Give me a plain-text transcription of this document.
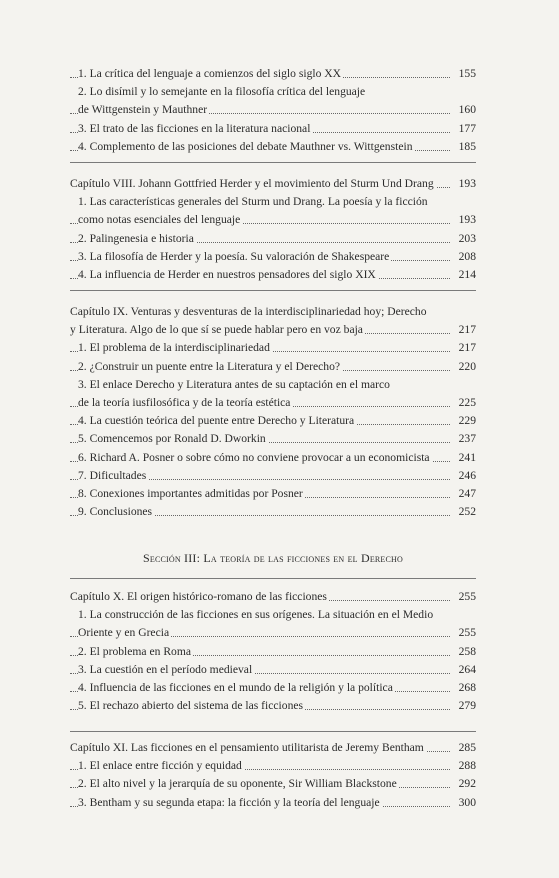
1. La crítica del lenguaje a comienzos del siglo siglo XX	155
2. Lo disímil y lo semejante en la filosofía crítica del lenguaje
de Wittgenstein y Mauthner	160
3. El trato de las ficciones en la literatura nacional	177
4. Complemento de las posiciones del debate Mauthner vs. Wittgenstein	185
Capítulo VIII. Johann Gottfried Herder y el movimiento del Sturm Und Drang 193
1. Las características generales del Sturm und Drang. La poesía y la ficción
como notas esenciales del lenguaje	193
2. Palingenesia e historia	203
3. La filosofía de Herder y la poesía. Su valoración de Shakespeare	208
4. La influencia de Herder en nuestros pensadores del siglo XIX	214
Capítulo IX. Venturas y desventuras de la interdisciplinariedad hoy; Derecho
y Literatura. Algo de lo que sí se puede hablar pero en voz baja	217
1. El problema de la interdisciplinariedad	217
2. ¿Construir un puente entre la Literatura y el Derecho?	220
3. El enlace Derecho y Literatura antes de su captación en el marco
de la teoría iusfilosófica y de la teoría estética	225
4. La cuestión teórica del puente entre Derecho y Literatura	229
5. Comencemos por Ronald D. Dworkin	237
6. Richard A. Posner o sobre cómo no conviene provocar a un economicista	241
7. Dificultades	246
8. Conexiones importantes admitidas por Posner	247
9. Conclusiones	252
Sección III: La teoría de las ficciones en el Derecho
Capítulo X. El origen histórico-romano de las ficciones	255
1. La construcción de las ficciones en sus orígenes. La situación en el Medio
Oriente y en Grecia	255
2. El problema en Roma	258
3. La cuestión en el período medieval	264
4. Influencia de las ficciones en el mundo de la religión y la política	268
5. El rechazo abierto del sistema de las ficciones	279
Capítulo XI. Las ficciones en el pensamiento utilitarista de Jeremy Bentham	285
1. El enlace entre ficción y equidad	288
2. El alto nivel y la jerarquía de su oponente, Sir William Blackstone	292
3. Bentham y su segunda etapa: la ficción y la teoría del lenguaje	300
